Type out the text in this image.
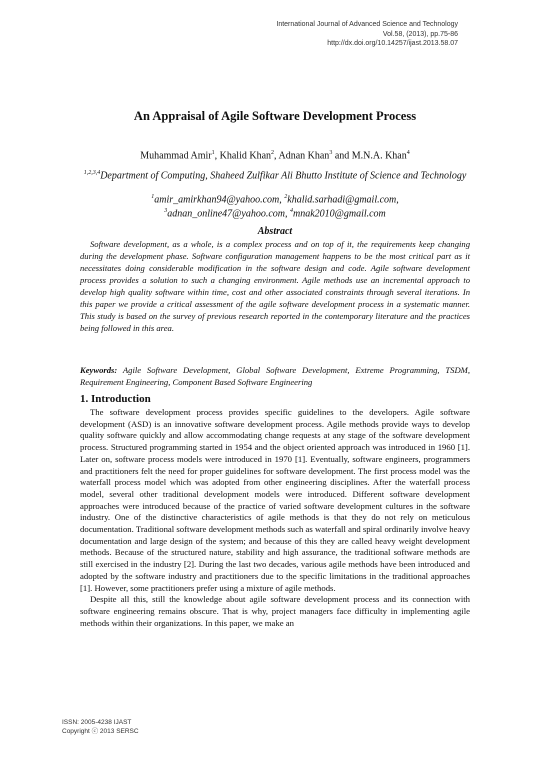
International Journal of Advanced Science and Technology
Vol.58, (2013), pp.75-86
http://dx.doi.org/10.14257/ijast.2013.58.07
An Appraisal of Agile Software Development Process
Muhammad Amir$^1$, Khalid Khan$^2$, Adnan Khan$^3$ and M.N.A. Khan$^4$
$^{1,2,3,4}$Department of Computing, Shaheed Zulfikar Ali Bhutto Institute of Science and Technology
$^1$amir_amirkhan94@yahoo.com, $^2$khalid.sarhadi@gmail.com,
$^3$adnan_online47@yahoo.com, $^4$mnak2010@gmail.com
Abstract

Software development, as a whole, is a complex process and on top of it, the requirements keep changing during the development phase. Software configuration management happens to be the most critical part as it necessitates doing considerable modification in the software design and code. Agile software development process provides a solution to such a changing environment. Agile methods use an incremental approach to develop high quality software within time, cost and other associated constraints through several iterations. In this paper we provide a critical assessment of the agile software development process in a systematic manner. This study is based on the survey of previous research reported in the contemporary literature and the practices being followed in this area.

Keywords: Agile Software Development, Global Software Development, Extreme Programming, TSDM, Requirement Engineering, Component Based Software Engineering

1. Introduction

The software development process provides specific guidelines to the developers. Agile software development (ASD) is an innovative software development process. Agile methods provide ways to develop quality software quickly and allow accommodating change requests at any stage of the software development process. Structured programming started in 1954 and the object oriented approach was introduced in 1960 [1]. Later on, software process models were introduced in 1970 [1]. Eventually, software engineers, programmers and practitioners felt the need for proper guidelines for software development. The first process model was the waterfall process model which was adopted from other engineering disciplines. After the waterfall process model, several other traditional development models were introduced. Different software development approaches were introduced because of the practice of varied software development cultures in the software industry. One of the distinctive characteristics of agile methods is that they do not rely on meticulous documentation. Traditional software development methods such as waterfall and spiral ordinarily involve heavy documentation and large design of the system; and because of this they are called heavy weight development methods. Because of the structured nature, stability and high assurance, the traditional software methods are still exercised in the industry [2]. During the last two decades, various agile methods have been introduced and adopted by the software industry and practitioners due to the specific limitations in the traditional approaches [1]. However, some practitioners prefer using a mixture of agile methods.

Despite all this, still the knowledge about agile software development process and its connection with software engineering remains obscure. That is why, project managers face difficulty in implementing agile methods within their organizations. In this paper, we make an

ISSN: 2005-4238 IJAST
Copyright ⓒ 2013 SERSC
